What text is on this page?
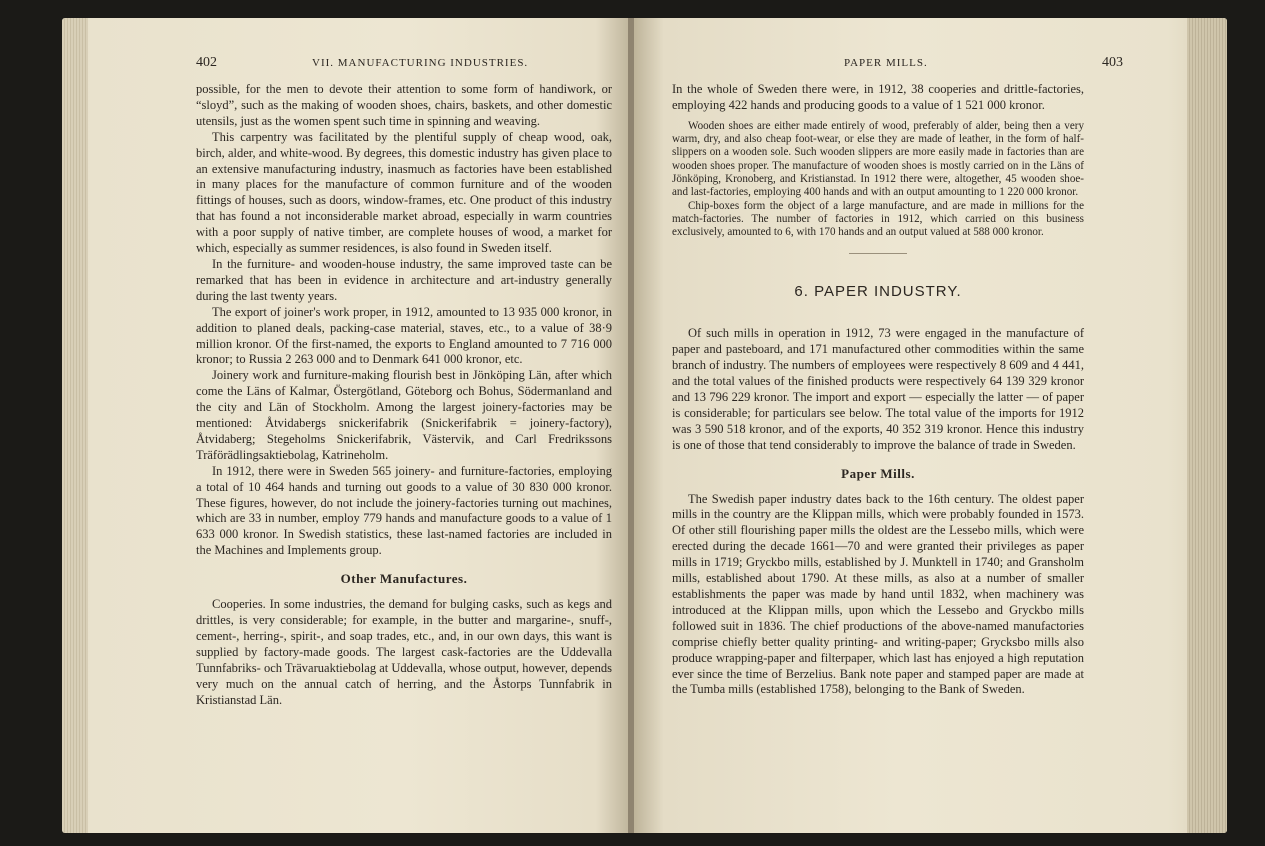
402	VII. MANUFACTURING INDUSTRIES.

possible, for the men to devote their attention to some form of handiwork, or “sloyd”, such as the making of wooden shoes, chairs, baskets, and other domestic utensils, just as the women spent such time in spinning and weaving.

This carpentry was facilitated by the plentiful supply of cheap wood, oak, birch, alder, and white-wood. By degrees, this domestic industry has given place to an extensive manufacturing industry, inasmuch as factories have been established in many places for the manufacture of common furniture and of the wooden fittings of houses, such as doors, window-frames, etc. One product of this industry that has found a not inconsiderable market abroad, especially in warm countries with a poor supply of native timber, are complete houses of wood, a market for which, especially as summer residences, is also found in Sweden itself.

In the furniture- and wooden-house industry, the same improved taste can be remarked that has been in evidence in architecture and art-industry generally during the last twenty years.

The export of joiner's work proper, in 1912, amounted to 13 935 000 kronor, in addition to planed deals, packing-case material, staves, etc., to a value of 38·9 million kronor. Of the first-named, the exports to England amounted to 7 716 000 kronor; to Russia 2 263 000 and to Denmark 641 000 kronor, etc.

Joinery work and furniture-making flourish best in Jönköping Län, after which come the Läns of Kalmar, Östergötland, Göteborg och Bohus, Södermanland and the city and Län of Stockholm. Among the largest joinery-factories may be mentioned: Åtvidabergs snickerifabrik (Snickerifabrik = joinery-factory), Åtvidaberg; Stegeholms Snickerifabrik, Västervik, and Carl Fredrikssons Träförädlingsaktiebolag, Katrineholm.

In 1912, there were in Sweden 565 joinery- and furniture-factories, employing a total of 10 464 hands and turning out goods to a value of 30 830 000 kronor. These figures, however, do not include the joinery-factories turning out machines, which are 33 in number, employ 779 hands and manufacture goods to a value of 1 633 000 kronor. In Swedish statistics, these last-named factories are included in the Machines and Implements group.

Other Manufactures.

Cooperies. In some industries, the demand for bulging casks, such as kegs and drittles, is very considerable; for example, in the butter and margarine-, snuff-, cement-, herring-, spirit-, and soap trades, etc., and, in our own days, this want is supplied by factory-made goods. The largest cask-factories are the Uddevalla Tunnfabriks- och Trävaruaktiebolag at Uddevalla, whose output, however, depends very much on the annual catch of herring, and the Åstorps Tunnfabrik in Kristianstad Län.

PAPER MILLS.	403

In the whole of Sweden there were, in 1912, 38 cooperies and drittle-factories, employing 422 hands and producing goods to a value of 1 521 000 kronor.

Wooden shoes are either made entirely of wood, preferably of alder, being then a very warm, dry, and also cheap foot-wear, or else they are made of leather, in the form of half-slippers on a wooden sole. Such wooden slippers are more easily made in factories than are wooden shoes proper. The manufacture of wooden shoes is mostly carried on in the Läns of Jönköping, Kronoberg, and Kristianstad. In 1912 there were, altogether, 45 wooden shoe- and last-factories, employing 400 hands and with an output amounting to 1 220 000 kronor.

Chip-boxes form the object of a large manufacture, and are made in millions for the match-factories. The number of factories in 1912, which carried on this business exclusively, amounted to 6, with 170 hands and an output valued at 588 000 kronor.

6. PAPER INDUSTRY.

Of such mills in operation in 1912, 73 were engaged in the manufacture of paper and pasteboard, and 171 manufactured other commodities within the same branch of industry. The numbers of employees were respectively 8 609 and 4 441, and the total values of the finished products were respectively 64 139 329 kronor and 13 796 229 kronor. The import and export — especially the latter — of paper is considerable; for particulars see below. The total value of the imports for 1912 was 3 590 518 kronor, and of the exports, 40 352 319 kronor. Hence this industry is one of those that tend considerably to improve the balance of trade in Sweden.

Paper Mills.

The Swedish paper industry dates back to the 16th century. The oldest paper mills in the country are the Klippan mills, which were probably founded in 1573. Of other still flourishing paper mills the oldest are the Lessebo mills, which were erected during the decade 1661—70 and were granted their privileges as paper mills in 1719; Gryckbo mills, established by J. Munktell in 1740; and Gransholm mills, established about 1790. At these mills, as also at a number of smaller establishments the paper was made by hand until 1832, when machinery was introduced at the Klippan mills, upon which the Lessebo and Gryckbo mills followed suit in 1836. The chief productions of the above-named manufactories comprise chiefly better quality printing- and writing-paper; Grycksbo mills also produce wrapping-paper and filterpaper, which last has enjoyed a high reputation ever since the time of Berzelius. Bank note paper and stamped paper are made at the Tumba mills (established 1758), belonging to the Bank of Sweden.
